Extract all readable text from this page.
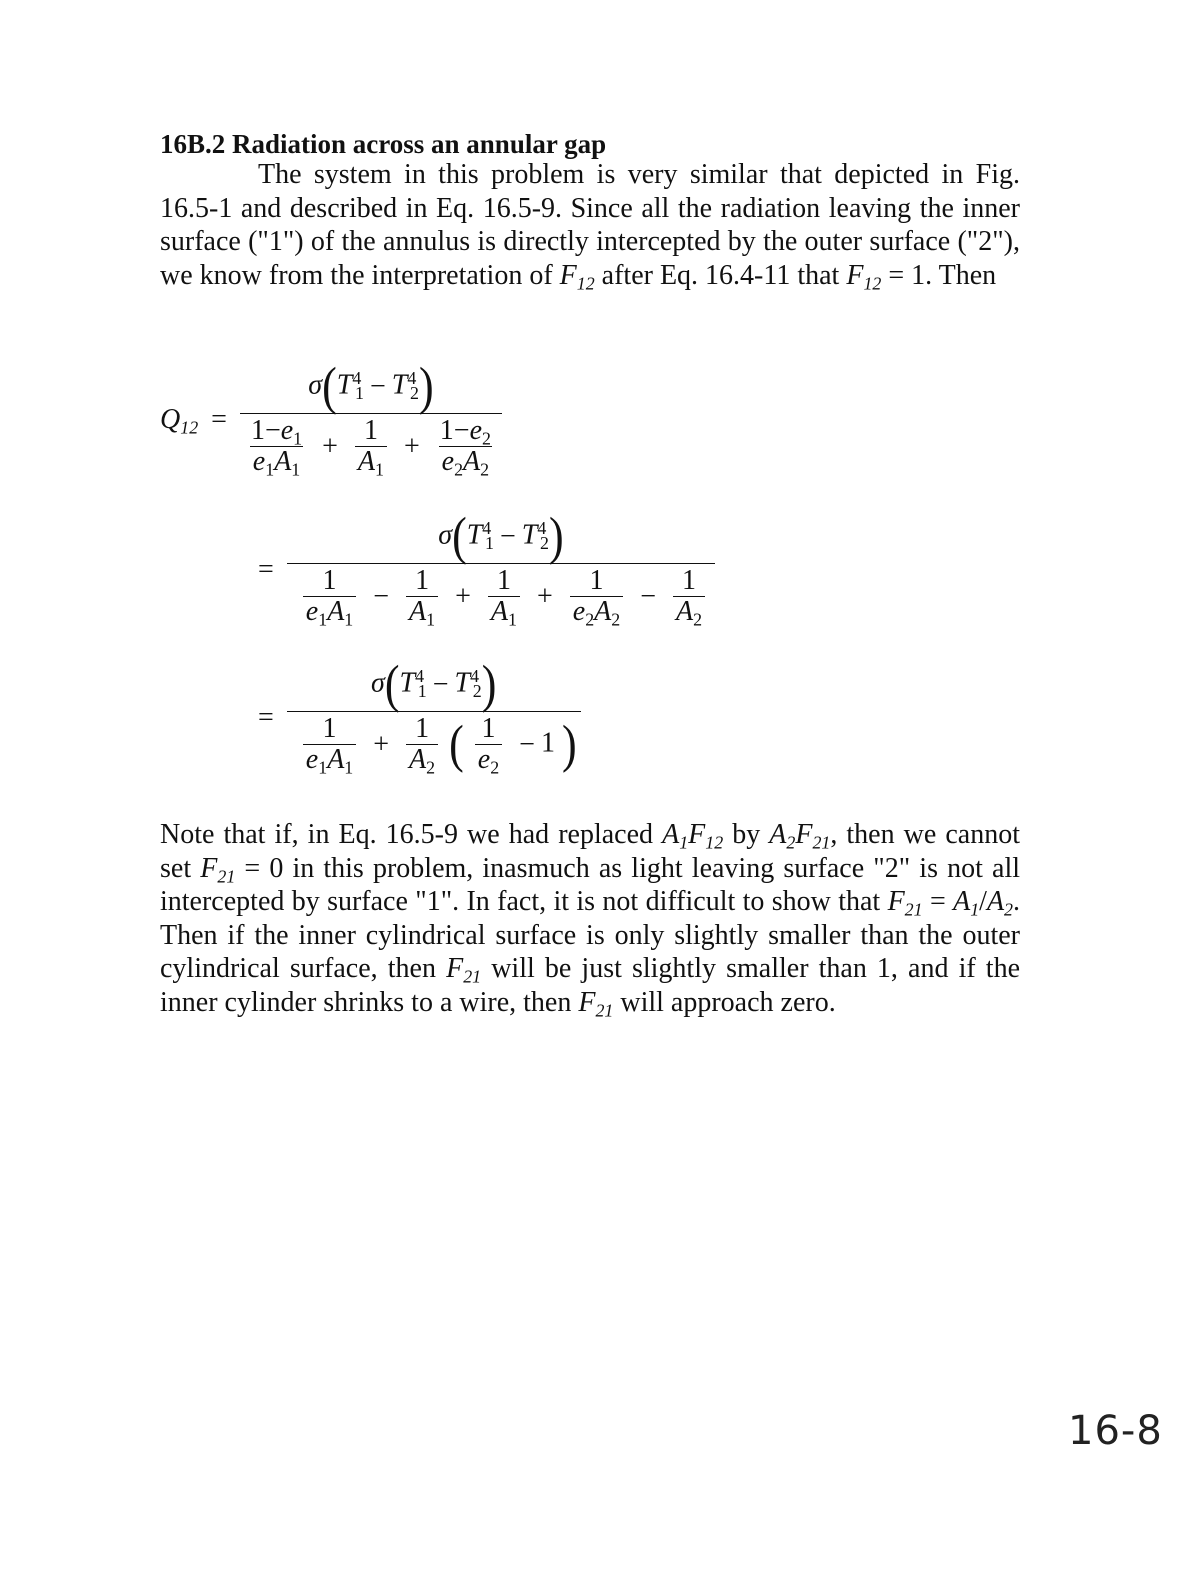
16B.2 Radiation across an annular gap
The system in this problem is very similar that depicted in Fig. 16.5-1 and described in Eq. 16.5-9. Since all the radiation leaving the inner surface ("1") of the annulus is directly intercepted by the outer surface ("2"), we know from the interpretation of $F_{12}$ after Eq. 16.4-11 that $F_{12} = 1$. Then
$Q_{12}$ =
$\sigma(T^4_1 - T^4_2)$
$\frac{1-e_1}{e_1A_1} + \frac{1}{A_1} + \frac{1-e_2}{e_2A_2}$
=
$\sigma(T^4_1 - T^4_2)$
$\frac{1}{e_1A_1} - \frac{1}{A_1} + \frac{1}{A_1} + \frac{1}{e_2A_2} - \frac{1}{A_2}$
=
$\sigma(T^4_1 - T^4_2)$
$\frac{1}{e_1A_1} + \frac{1}{A_2}$ ( $\frac{1}{e_2} - 1$ )
Note that if, in Eq. 16.5-9 we had replaced $A_1F_{12}$ by $A_2F_{21}$, then we cannot set $F_{21} = 0$ in this problem, inasmuch as light leaving surface "2" is not all intercepted by surface "1". In fact, it is not difficult to show that $F_{21} = A_1/A_2$. Then if the inner cylindrical surface is only slightly smaller than the outer cylindrical surface, then $F_{21}$ will be just slightly smaller than 1, and if the inner cylinder shrinks to a wire, then $F_{21}$ will approach zero.
16-8
